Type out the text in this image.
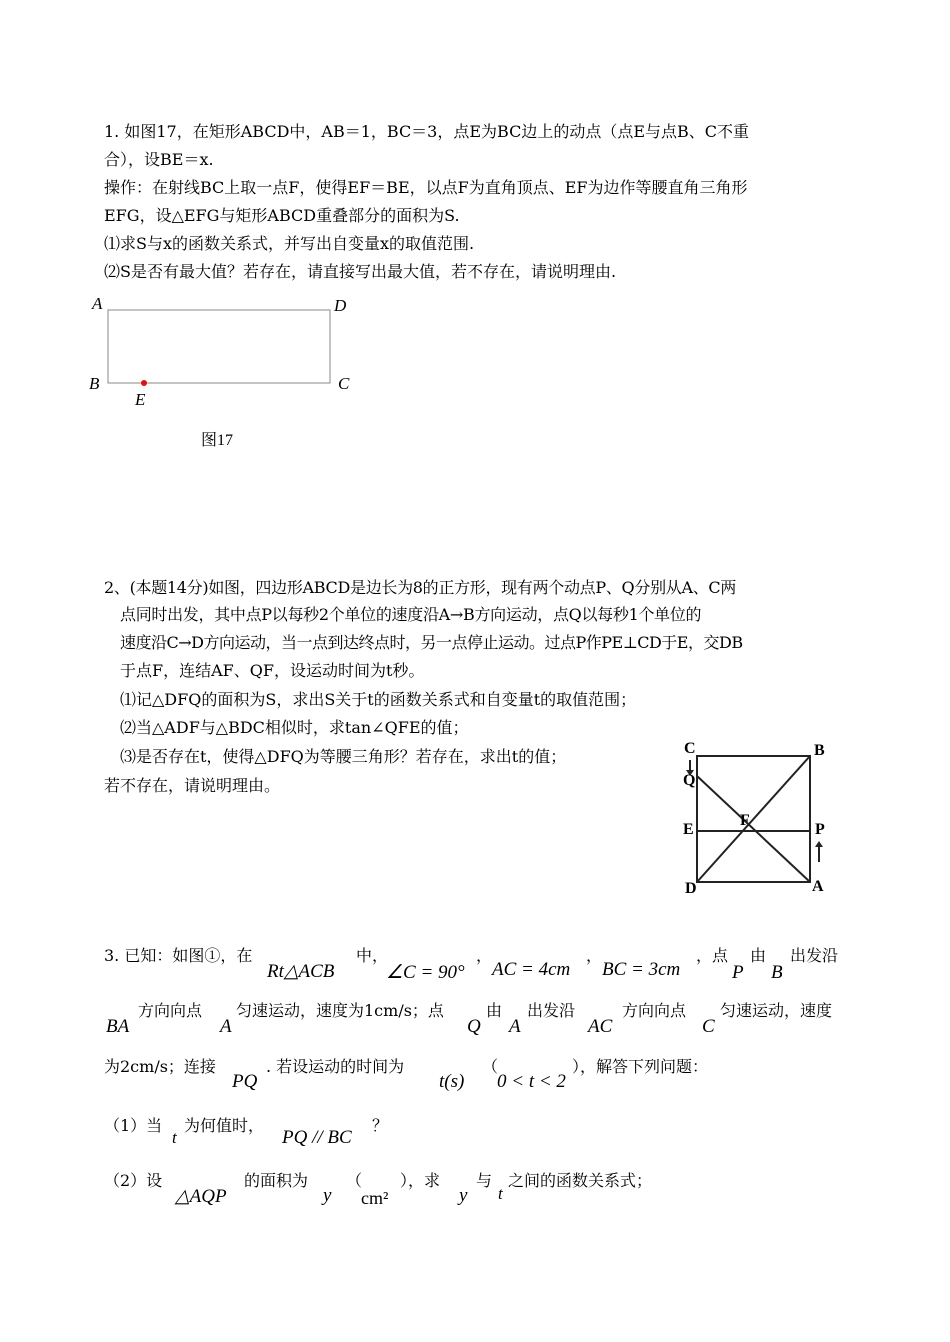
1. 如图17，在矩形ABCD中，AB＝1，BC＝3，点E为BC边上的动点（点E与点B、C不重
合），设BE＝x.
操作：在射线BC上取一点F，使得EF＝BE，以点F为直角顶点、EF为边作等腰直角三角形
EFG，设△EFG与矩形ABCD重叠部分的面积为S.
⑴求S与x的函数关系式，并写出自变量x的取值范围.
⑵S是否有最大值？若存在，请直接写出最大值，若不存在，请说明理由.
A	D
B	C
E
图17
2、(本题14分)如图，四边形ABCD是边长为8的正方形，现有两个动点P、Q分别从A、C两
点同时出发，其中点P以每秒2个单位的速度沿A→B方向运动，点Q以每秒1个单位的
速度沿C→D方向运动，当一点到达终点时，另一点停止运动。过点P作PE⊥CD于E，交DB
于点F，连结AF、QF，设运动时间为t秒。
⑴记△DFQ的面积为S，求出S关于t的函数关系式和自变量t的取值范围；
⑵当△ADF与△BDC相似时，求tan∠QFE的值；
⑶是否存在t，使得△DFQ为等腰三角形？若存在，求出t的值；
若不存在，请说明理由。
C	B
Q
E
F
P
D	A
3. 已知：如图①，在
Rt△ACB
中，
∠C = 90°
，
AC = 4cm
，
BC = 3cm
，点
P
由
B
出发沿
BA
方向向点
A
匀速运动，速度为1cm/s；点
Q
由
A
出发沿
AC
方向向点
C
匀速运动，速度
为2cm/s；连接
PQ
. 若设运动的时间为
t(s)
（
0 < t < 2
），解答下列问题：
（1）当
t
为何值时，
PQ // BC
？
（2）设
△AQP
的面积为
y
（
cm²
），求
y
与
t
之间的函数关系式；
